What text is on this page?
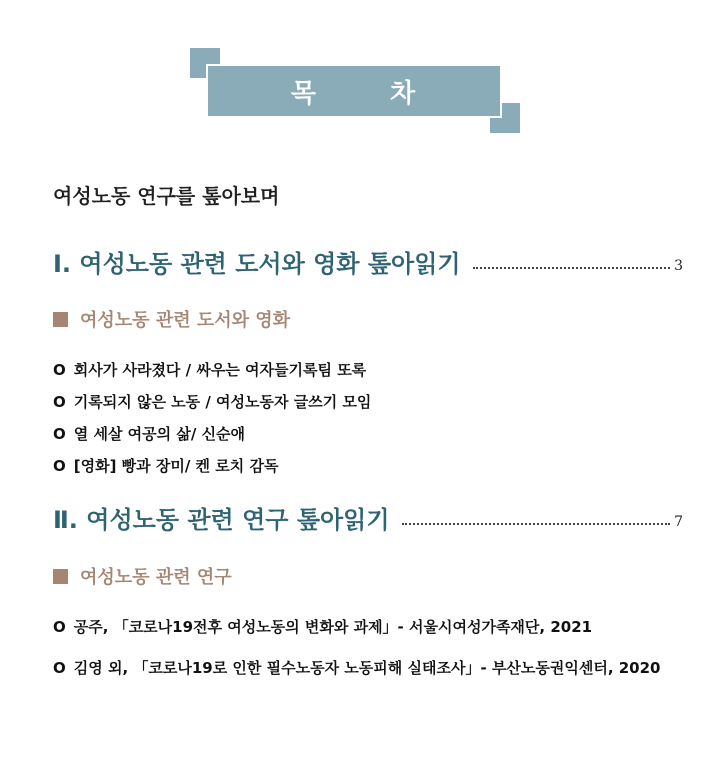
목	차
여성노동 연구를 톺아보며
Ⅰ. 여성노동 관련 도서와 영화 톺아읽기	3
여성노동 관련 도서와 영화
O 회사가 사라졌다 / 싸우는 여자들기록팀 또록
O 기록되지 않은 노동 / 여성노동자 글쓰기 모임
O 열 세살 여공의 삶/ 신순애
O [영화] 빵과 장미/ 켄 로치 감독
Ⅱ. 여성노동 관련 연구 톺아읽기	7
여성노동 관련 연구
O 공주, 「코로나19전후 여성노동의 변화와 과제」- 서울시여성가족재단, 2021
O 김영 외, 「코로나19로 인한 필수노동자 노동피해 실태조사」- 부산노동권익센터, 2020
